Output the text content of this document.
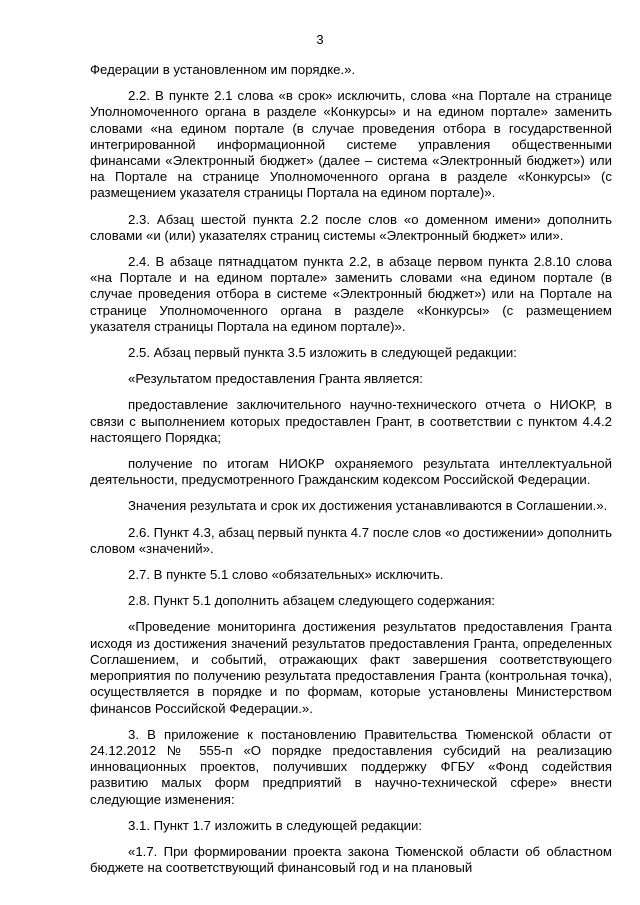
3

Федерации в установленном им порядке.».

2.2. В пункте 2.1 слова «в срок» исключить, слова «на Портале на странице Уполномоченного органа в разделе «Конкурсы» и на едином портале» заменить словами «на едином портале (в случае проведения отбора в государственной интегрированной информационной системе управления общественными финансами «Электронный бюджет» (далее – система «Электронный бюджет») или на Портале на странице Уполномоченного органа в разделе «Конкурсы» (с размещением указателя страницы Портала на едином портале)».

2.3. Абзац шестой пункта 2.2 после слов «о доменном имени» дополнить словами «и (или) указателях страниц системы «Электронный бюджет» или».

2.4. В абзаце пятнадцатом пункта 2.2, в абзаце первом пункта 2.8.10 слова «на Портале и на едином портале» заменить словами «на едином портале (в случае проведения отбора в системе «Электронный бюджет») или на Портале на странице Уполномоченного органа в разделе «Конкурсы» (с размещением указателя страницы Портала на едином портале)».

2.5. Абзац первый пункта 3.5 изложить в следующей редакции:

«Результатом предоставления Гранта является:

предоставление заключительного научно-технического отчета о НИОКР, в связи с выполнением которых предоставлен Грант, в соответствии с пунктом 4.4.2 настоящего Порядка;

получение по итогам НИОКР охраняемого результата интеллектуальной деятельности, предусмотренного Гражданским кодексом Российской Федерации.

Значения результата и срок их достижения устанавливаются в Соглашении.».

2.6. Пункт 4.3, абзац первый пункта 4.7 после слов «о достижении» дополнить словом «значений».

2.7. В пункте 5.1 слово «обязательных» исключить.

2.8. Пункт 5.1 дополнить абзацем следующего содержания:

«Проведение мониторинга достижения результатов предоставления Гранта исходя из достижения значений результатов предоставления Гранта, определенных Соглашением, и событий, отражающих факт завершения соответствующего мероприятия по получению результата предоставления Гранта (контрольная точка), осуществляется в порядке и по формам, которые установлены Министерством финансов Российской Федерации.».

3. В приложение к постановлению Правительства Тюменской области от 24.12.2012 № 555-п «О порядке предоставления субсидий на реализацию инновационных проектов, получивших поддержку ФГБУ «Фонд содействия развитию малых форм предприятий в научно-технической сфере» внести следующие изменения:

3.1. Пункт 1.7 изложить в следующей редакции:

«1.7. При формировании проекта закона Тюменской области об областном бюджете на соответствующий финансовый год и на плановый
